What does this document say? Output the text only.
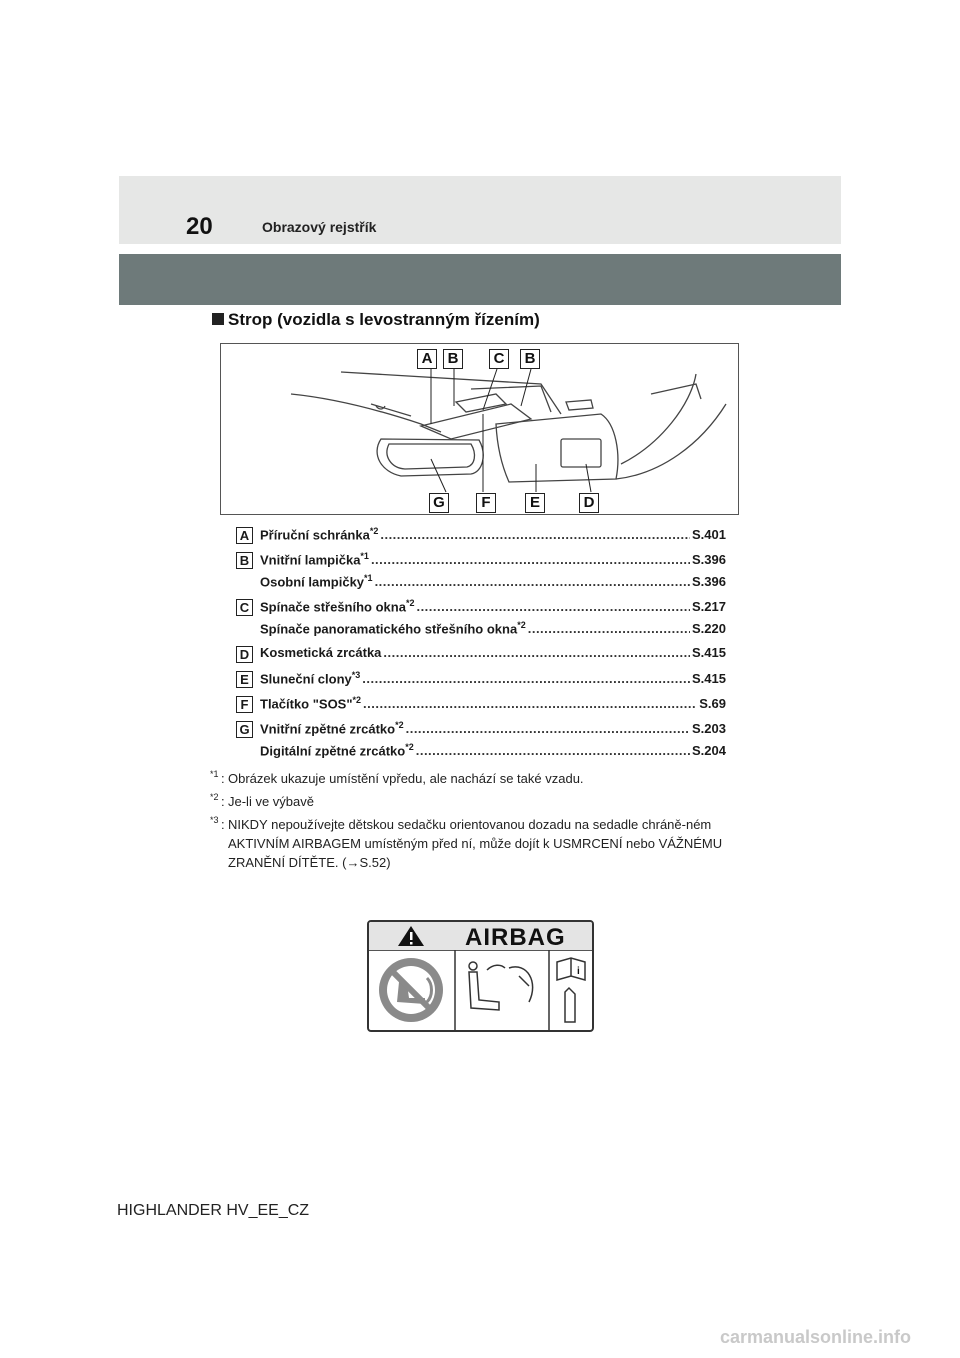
20	Obrazový rejstřík
Strop (vozidla s levostranným řízením)
A	B	C	B
G	F	E	D
A Příruční schránka$^{*2}$ .....	S.401
B Vnitřní lampička$^{*1}$ .....	S.396
Osobní lampičky$^{*1}$ .....	S.396
C Spínače střešního okna$^{*2}$ .....	S.217
Spínače panoramatického střešního okna$^{*2}$ .....	S.220
D Kosmetická zrcátka .....	S.415
E Sluneční clony$^{*3}$ .....	S.415
F Tlačítko "SOS"$^{*2}$ .....	S.69
G Vnitřní zpětné zrcátko$^{*2}$ .....	S.203
Digitální zpětné zrcátko$^{*2}$ .....	S.204
*1 : Obrázek ukazuje umístění vpředu, ale nachází se také vzadu.
*2 : Je-li ve výbavě
*3 : NIKDY nepoužívejte dětskou sedačku orientovanou dozadu na sedadle chráně-ném AKTIVNÍM AIRBAGEM umístěným před ní, může dojít k USMRCENÍ nebo VÁŽNÉMU ZRANĚNÍ DÍTĚTE. (→S.52)
i
AIRBAG
HIGHLANDER HV_EE_CZ
carmanualsonline.info
